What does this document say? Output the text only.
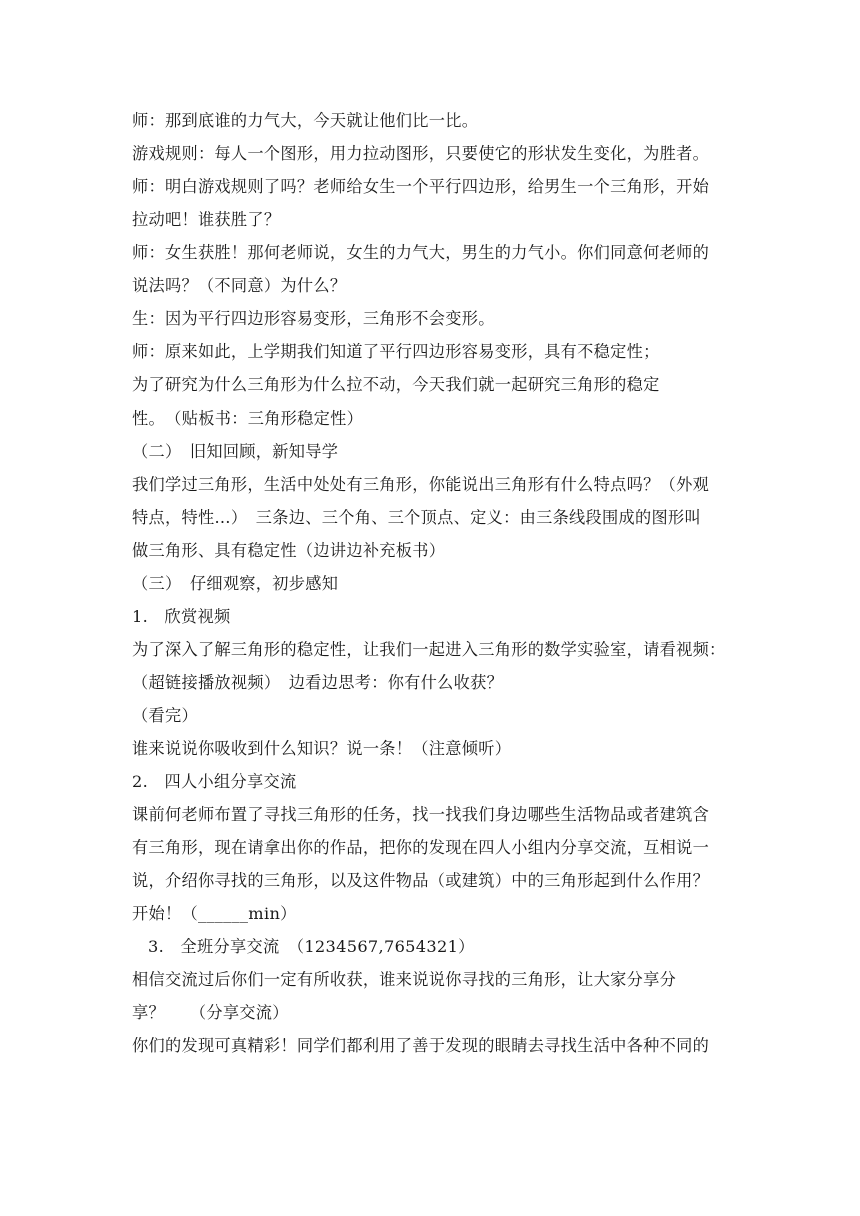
师：那到底谁的力气大，今天就让他们比一比。
游戏规则：每人一个图形，用力拉动图形，只要使它的形状发生变化，为胜者。
师：明白游戏规则了吗？老师给女生一个平行四边形，给男生一个三角形，开始
拉动吧！谁获胜了？
师：女生获胜！那何老师说，女生的力气大，男生的力气小。你们同意何老师的
说法吗？（不同意）为什么？
生：因为平行四边形容易变形，三角形不会变形。
师：原来如此，上学期我们知道了平行四边形容易变形，具有不稳定性；
为了研究为什么三角形为什么拉不动，今天我们就一起研究三角形的稳定
性。　（贴板书：三角形稳定性）
（二）　旧知回顾，新知导学
我们学过三角形，生活中处处有三角形，你能说出三角形有什么特点吗？（外观
特点，特性…）　三条边、三个角、三个顶点、定义：由三条线段围成的图形叫
做三角形、具有稳定性（边讲边补充板书）
（三）　仔细观察，初步感知
1.　欣赏视频
为了深入了解三角形的稳定性，让我们一起进入三角形的数学实验室，请看视频：
（超链接播放视频）　边看边思考：你有什么收获？
（看完）
谁来说说你吸收到什么知识？说一条！（注意倾听）
2.　四人小组分享交流
课前何老师布置了寻找三角形的任务，找一找我们身边哪些生活物品或者建筑含
有三角形，现在请拿出你的作品，把你的发现在四人小组内分享交流，互相说一
说，介绍你寻找的三角形，以及这件物品（或建筑）中的三角形起到什么作用？
开始！（______min）
3.　全班分享交流　（1234567,7654321）
相信交流过后你们一定有所收获，谁来说说你寻找的三角形，让大家分享分
享？　　（分享交流）
你们的发现可真精彩！同学们都利用了善于发现的眼睛去寻找生活中各种不同的
